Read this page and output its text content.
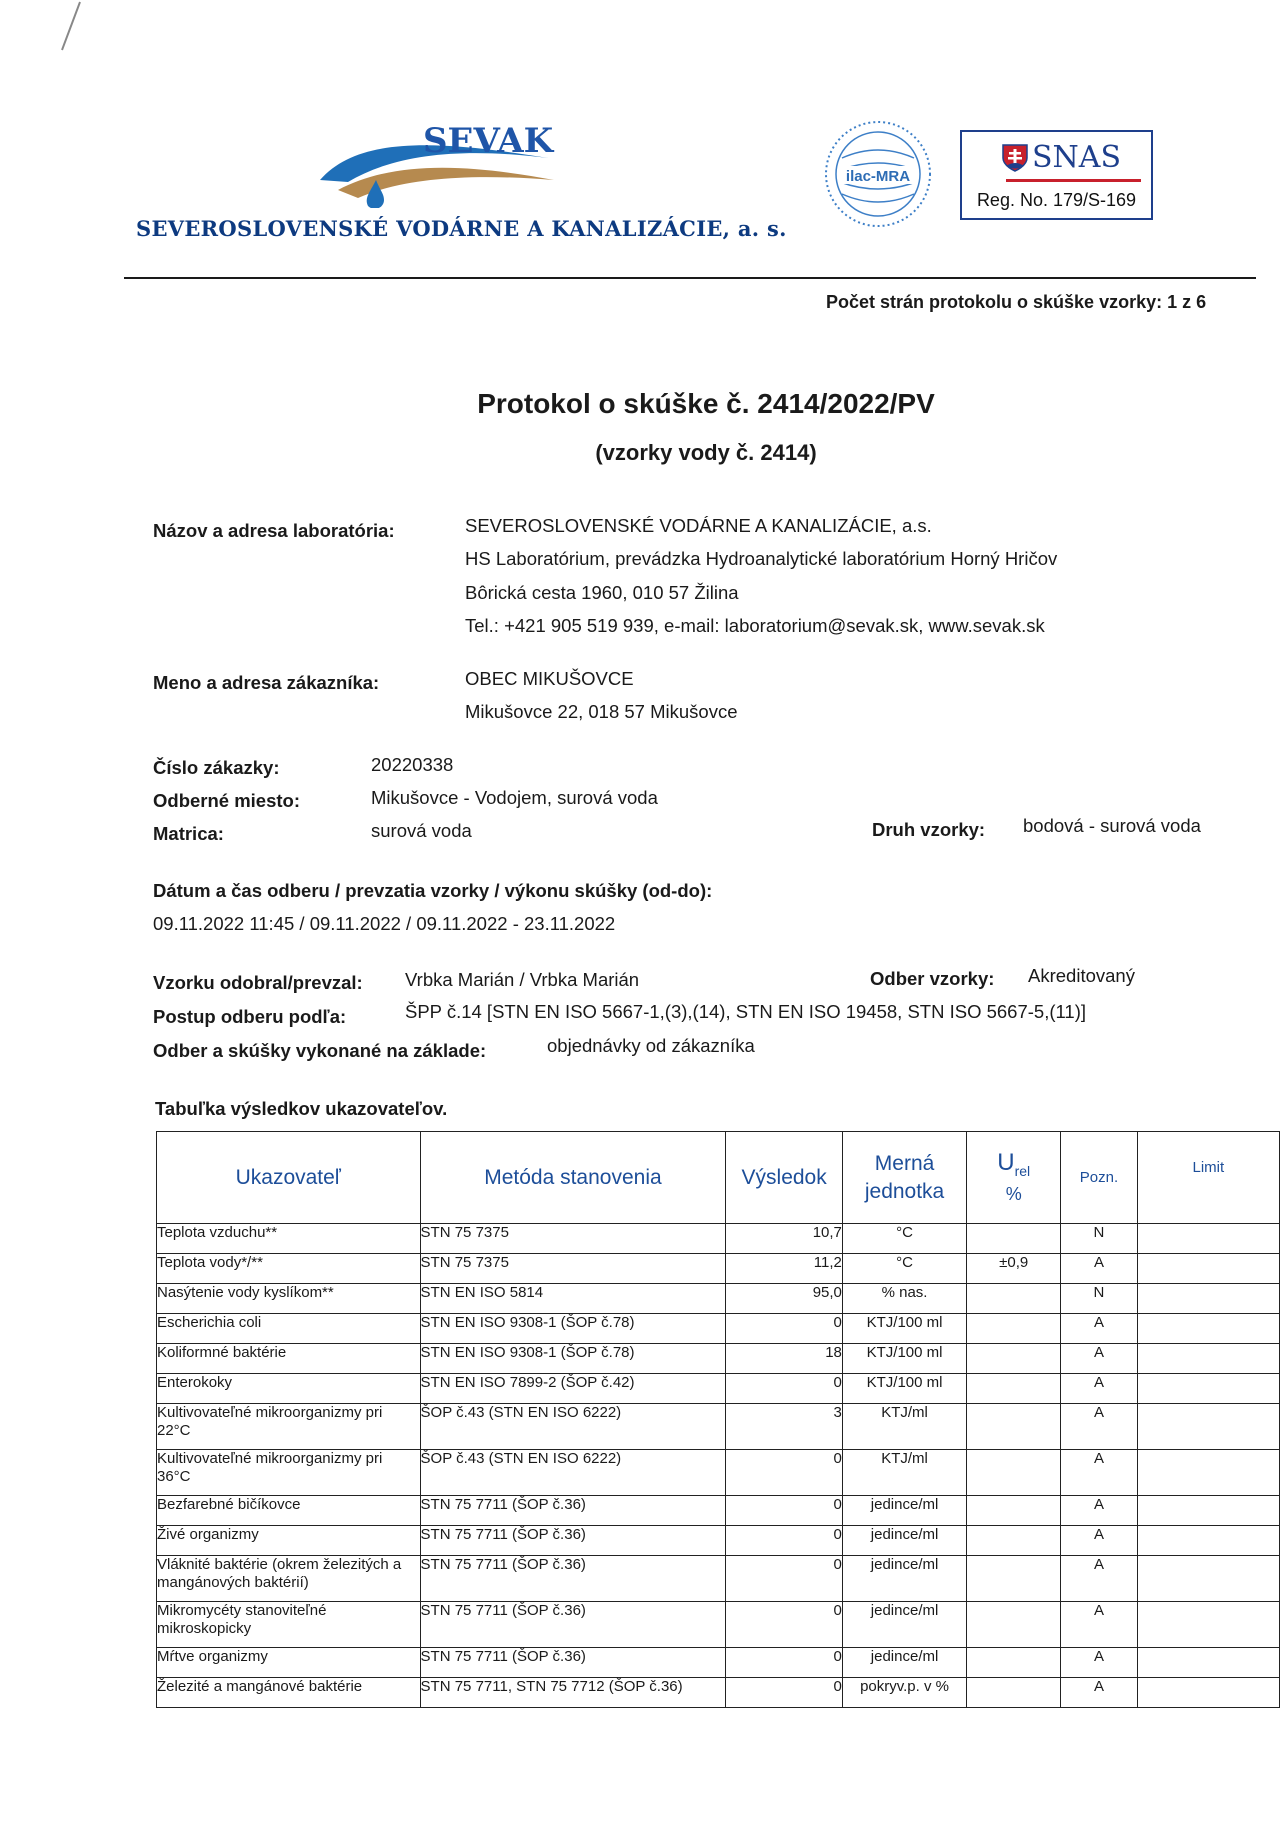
SEVAK
SEVEROSLOVENSKÉ VODÁRNE A KANALIZÁCIE, a. s.
ilac-MRA
SNAS
Reg. No. 179/S-169
Počet strán protokolu o skúške vzorky: 1 z 6
Protokol o skúške č. 2414/2022/PV
(vzorky vody č. 2414)
Názov a adresa laboratória:	SEVEROSLOVENSKÉ VODÁRNE A KANALIZÁCIE, a.s.
HS Laboratórium, prevádzka Hydroanalytické laboratórium Horný Hričov
Bôrická cesta 1960, 010 57 Žilina
Tel.: +421 905 519 939, e-mail: laboratorium@sevak.sk, www.sevak.sk
Meno a adresa zákazníka:	OBEC MIKUŠOVCE
Mikušovce 22, 018 57 Mikušovce
Číslo zákazky:	20220338
Odberné miesto:	Mikušovce - Vodojem, surová voda
Matrica:	surová voda	Druh vzorky: bodová - surová voda
Dátum a čas odberu / prevzatia vzorky / výkonu skúšky (od-do):
09.11.2022 11:45 / 09.11.2022 / 09.11.2022 - 23.11.2022
Vzorku odobral/prevzal: Vrbka Marián / Vrbka Marián	Odber vzorky: Akreditovaný
Postup odberu podľa:	ŠPP č.14 [STN EN ISO 5667-1,(3),(14), STN EN ISO 19458, STN ISO 5667-5,(11)]
Odber a skúšky vykonané na základe:	objednávky od zákazníka
Tabuľka výsledkov ukazovateľov.
Ukazovateľ	Metóda stanovenia	Výsledok	Merná jednotka	$U_{rel}$
%	Pozn.	Limit
Teplota vzduchu**	STN 75 7375	10,7	°C		N	
Teplota vody*/**	STN 75 7375	11,2	°C	±0,9	A	
Nasýtenie vody kyslíkom**	STN EN ISO 5814	95,0	% nas.		N	
Escherichia coli	STN EN ISO 9308-1 (ŠOP č.78)	0	KTJ/100 ml		A	
Koliformné baktérie	STN EN ISO 9308-1 (ŠOP č.78)	18	KTJ/100 ml		A	
Enterokoky	STN EN ISO 7899-2 (ŠOP č.42)	0	KTJ/100 ml		A	
Kultivovateľné mikroorganizmy pri 22°C	ŠOP č.43 (STN EN ISO 6222)	3	KTJ/ml		A	
Kultivovateľné mikroorganizmy pri 36°C	ŠOP č.43 (STN EN ISO 6222)	0	KTJ/ml		A	
Bezfarebné bičíkovce	STN 75 7711 (ŠOP č.36)	0	jedince/ml		A	
Živé organizmy	STN 75 7711 (ŠOP č.36)	0	jedince/ml		A	
Vláknité baktérie (okrem železitých a mangánových baktérií)	STN 75 7711 (ŠOP č.36)	0	jedince/ml		A	
Mikromycéty stanoviteľné mikroskopicky	STN 75 7711 (ŠOP č.36)	0	jedince/ml		A	
Mŕtve organizmy	STN 75 7711 (ŠOP č.36)	0	jedince/ml		A	
Železité a mangánové baktérie	STN 75 7711, STN 75 7712 (ŠOP č.36)	0	pokryv.p. v %		A	
